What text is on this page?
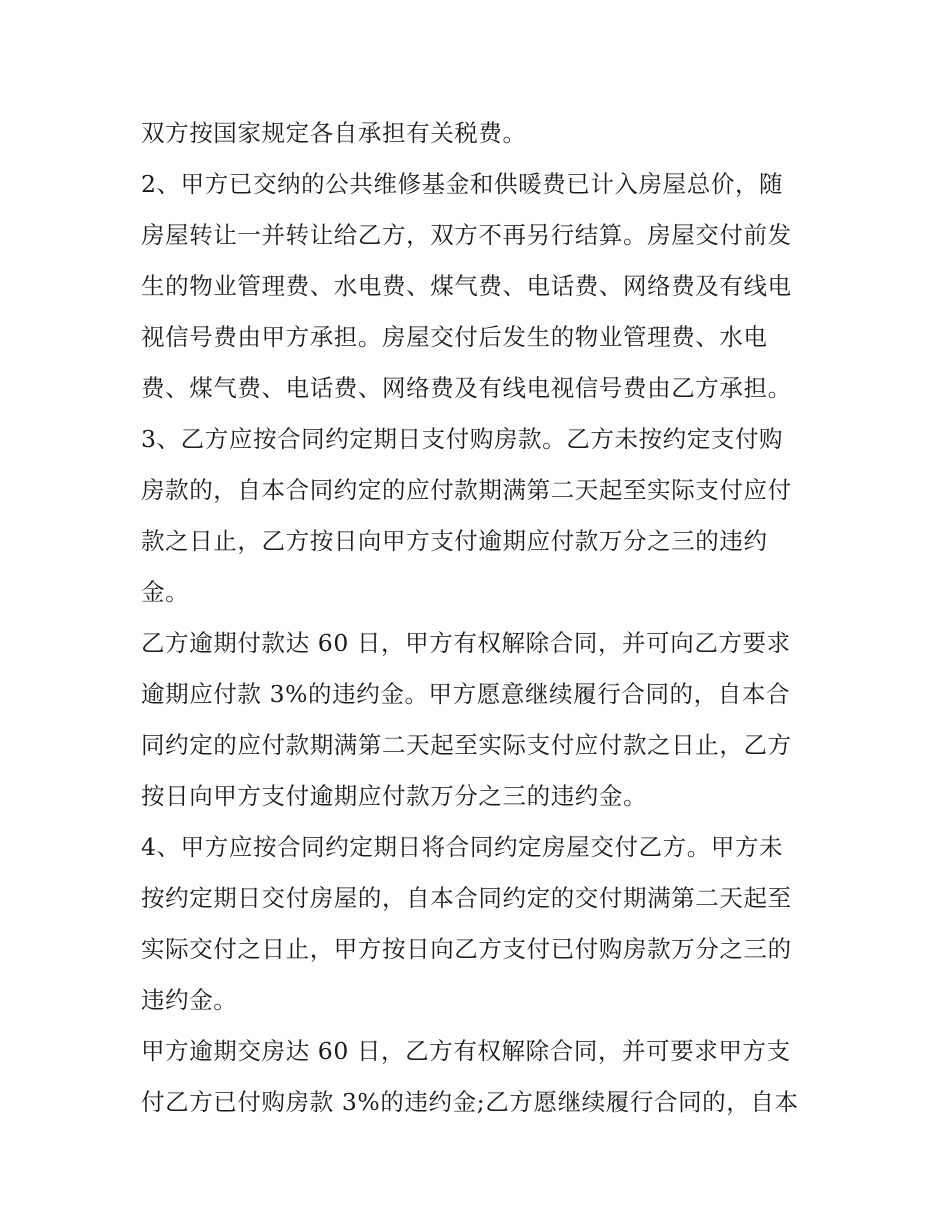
双方按国家规定各自承担有关税费。
2、甲方已交纳的公共维修基金和供暖费已计入房屋总价，随
房屋转让一并转让给乙方，双方不再另行结算。房屋交付前发
生的物业管理费、水电费、煤气费、电话费、网络费及有线电
视信号费由甲方承担。房屋交付后发生的物业管理费、水电
费、煤气费、电话费、网络费及有线电视信号费由乙方承担。
3、乙方应按合同约定期日支付购房款。乙方未按约定支付购
房款的，自本合同约定的应付款期满第二天起至实际支付应付
款之日止，乙方按日向甲方支付逾期应付款万分之三的违约
金。
乙方逾期付款达 60 日，甲方有权解除合同，并可向乙方要求
逾期应付款 3%的违约金。甲方愿意继续履行合同的，自本合
同约定的应付款期满第二天起至实际支付应付款之日止，乙方
按日向甲方支付逾期应付款万分之三的违约金。
4、甲方应按合同约定期日将合同约定房屋交付乙方。甲方未
按约定期日交付房屋的，自本合同约定的交付期满第二天起至
实际交付之日止，甲方按日向乙方支付已付购房款万分之三的
违约金。
甲方逾期交房达 60 日，乙方有权解除合同，并可要求甲方支
付乙方已付购房款 3%的违约金;乙方愿继续履行合同的，自本
